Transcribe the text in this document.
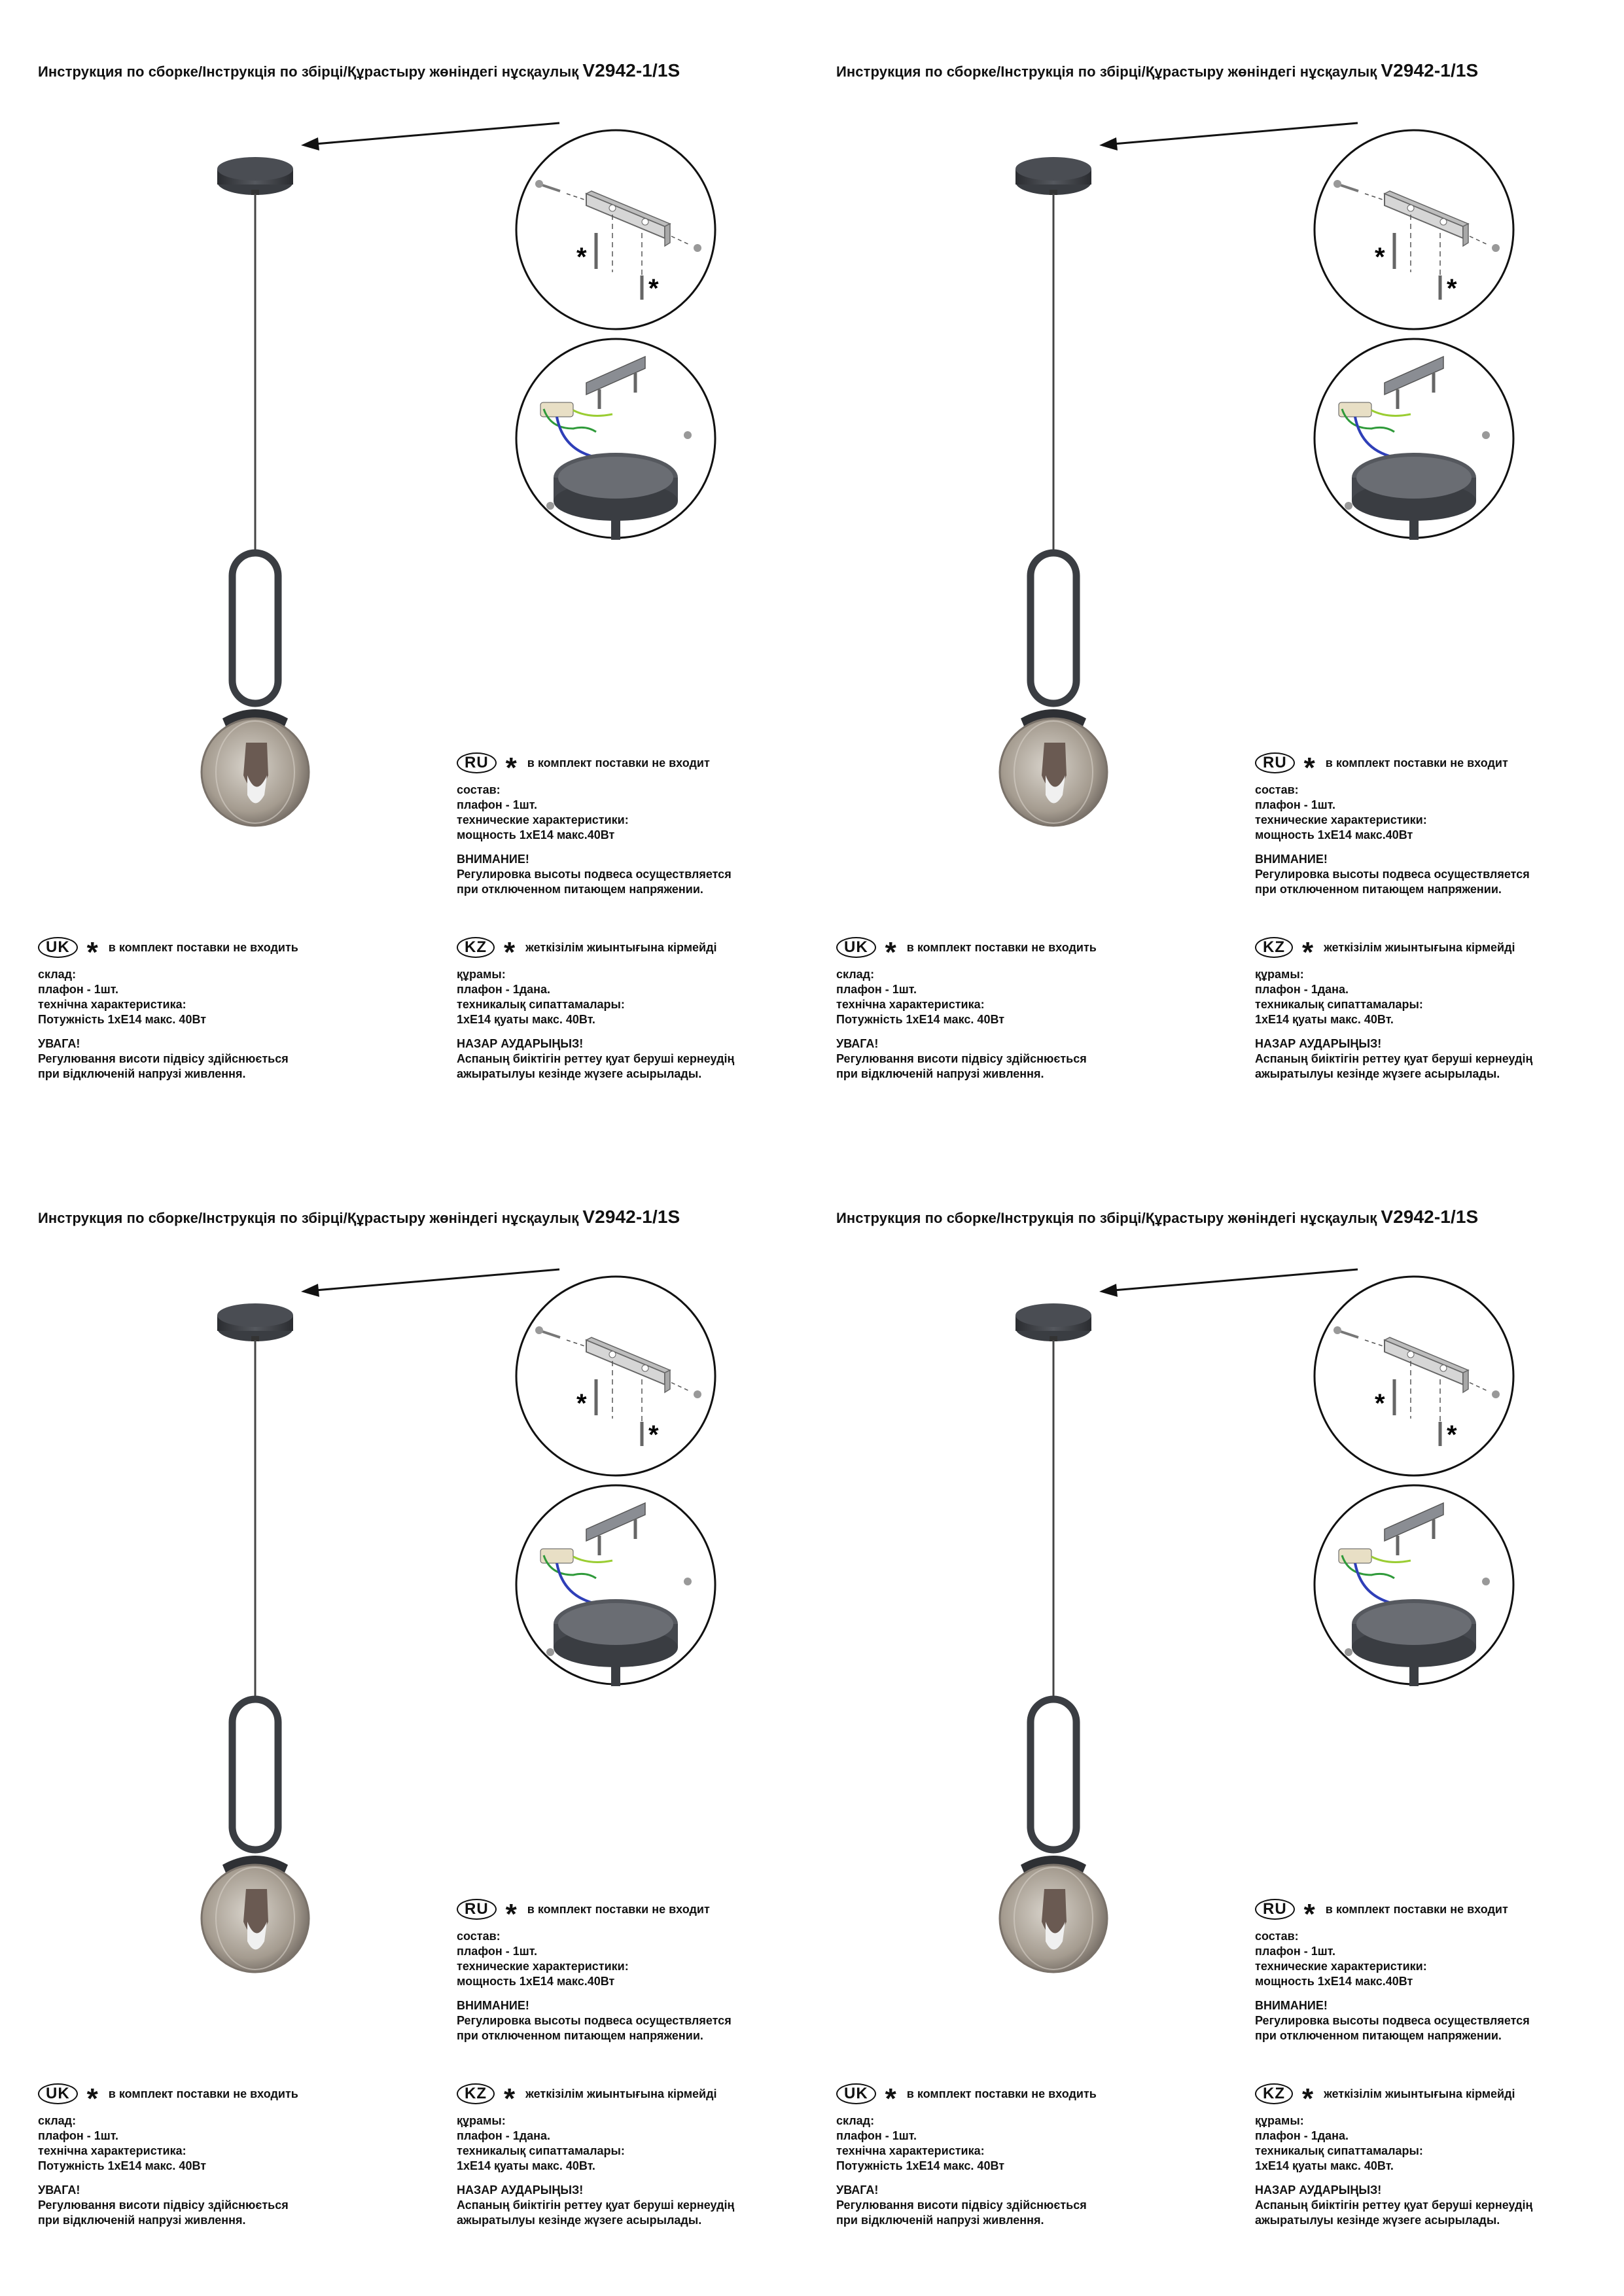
Инструкция по сборке/Інструкція по збірці/Құрастыру жөніндегі нұсқаулық V2942-1/1S
*
*
RU * в комплект поставки не входит
состав:
плафон - 1шт.
технические характеристики:
мощность 1хE14 макс.40Вт
ВНИМАНИЕ!
Регулировка высоты подвеса осуществляется
при отключенном питающем напряжении.
UK * в комплект поставки не входить
склад:
плафон - 1шт.
технічна характеристика:
Потужність 1хE14 макс. 40Вт
УВАГА!
Регулювання висоти підвісу здійснюється
при відключеній напрузі живлення.
KZ * жеткізілім жиынтығына кірмейді
құрамы:
плафон - 1дана.
техникалық сипаттамалары:
1хE14 қуаты макс. 40Вт.
НАЗАР АУДАРЫҢЫЗ!
Аспаның биіктігін реттеу қуат беруші кернеудің
ажыратылуы кезінде жүзеге асырылады.
Инструкция по сборке/Інструкція по збірці/Құрастыру жөніндегі нұсқаулық V2942-1/1S
*
*
RU * в комплект поставки не входит
состав:
плафон - 1шт.
технические характеристики:
мощность 1хE14 макс.40Вт
ВНИМАНИЕ!
Регулировка высоты подвеса осуществляется
при отключенном питающем напряжении.
UK * в комплект поставки не входить
склад:
плафон - 1шт.
технічна характеристика:
Потужність 1хE14 макс. 40Вт
УВАГА!
Регулювання висоти підвісу здійснюється
при відключеній напрузі живлення.
KZ * жеткізілім жиынтығына кірмейді
құрамы:
плафон - 1дана.
техникалық сипаттамалары:
1хE14 қуаты макс. 40Вт.
НАЗАР АУДАРЫҢЫЗ!
Аспаның биіктігін реттеу қуат беруші кернеудің
ажыратылуы кезінде жүзеге асырылады.
Инструкция по сборке/Інструкція по збірці/Құрастыру жөніндегі нұсқаулық V2942-1/1S
*
*
RU * в комплект поставки не входит
состав:
плафон - 1шт.
технические характеристики:
мощность 1хE14 макс.40Вт
ВНИМАНИЕ!
Регулировка высоты подвеса осуществляется
при отключенном питающем напряжении.
UK * в комплект поставки не входить
склад:
плафон - 1шт.
технічна характеристика:
Потужність 1хE14 макс. 40Вт
УВАГА!
Регулювання висоти підвісу здійснюється
при відключеній напрузі живлення.
KZ * жеткізілім жиынтығына кірмейді
құрамы:
плафон - 1дана.
техникалық сипаттамалары:
1хE14 қуаты макс. 40Вт.
НАЗАР АУДАРЫҢЫЗ!
Аспаның биіктігін реттеу қуат беруші кернеудің
ажыратылуы кезінде жүзеге асырылады.
Инструкция по сборке/Інструкція по збірці/Құрастыру жөніндегі нұсқаулық V2942-1/1S
*
*
RU * в комплект поставки не входит
состав:
плафон - 1шт.
технические характеристики:
мощность 1хE14 макс.40Вт
ВНИМАНИЕ!
Регулировка высоты подвеса осуществляется
при отключенном питающем напряжении.
UK * в комплект поставки не входить
склад:
плафон - 1шт.
технічна характеристика:
Потужність 1хE14 макс. 40Вт
УВАГА!
Регулювання висоти підвісу здійснюється
при відключеній напрузі живлення.
KZ * жеткізілім жиынтығына кірмейді
құрамы:
плафон - 1дана.
техникалық сипаттамалары:
1хE14 қуаты макс. 40Вт.
НАЗАР АУДАРЫҢЫЗ!
Аспаның биіктігін реттеу қуат беруші кернеудің
ажыратылуы кезінде жүзеге асырылады.
